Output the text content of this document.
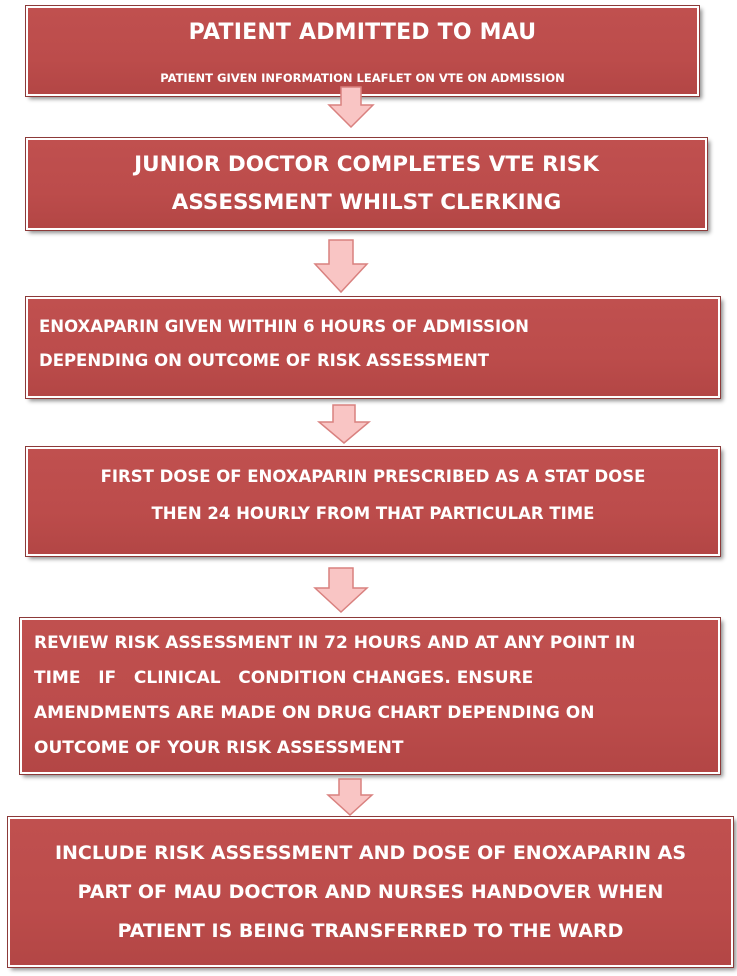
PATIENT ADMITTED TO MAU
PATIENT GIVEN INFORMATION LEAFLET ON VTE ON ADMISSION
JUNIOR DOCTOR COMPLETES VTE RISK
ASSESSMENT WHILST CLERKING
ENOXAPARIN GIVEN WITHIN 6 HOURS OF ADMISSION
DEPENDING ON OUTCOME OF RISK ASSESSMENT
FIRST DOSE OF ENOXAPARIN PRESCRIBED AS A STAT DOSE
THEN 24 HOURLY FROM THAT PARTICULAR TIME
REVIEW RISK ASSESSMENT IN 72 HOURS AND AT ANY POINT IN
TIME   IF   CLINICAL   CONDITION CHANGES. ENSURE
AMENDMENTS ARE MADE ON DRUG CHART DEPENDING ON
OUTCOME OF YOUR RISK ASSESSMENT
INCLUDE RISK ASSESSMENT AND DOSE OF ENOXAPARIN AS
PART OF MAU DOCTOR AND NURSES HANDOVER WHEN
PATIENT IS BEING TRANSFERRED TO THE WARD
